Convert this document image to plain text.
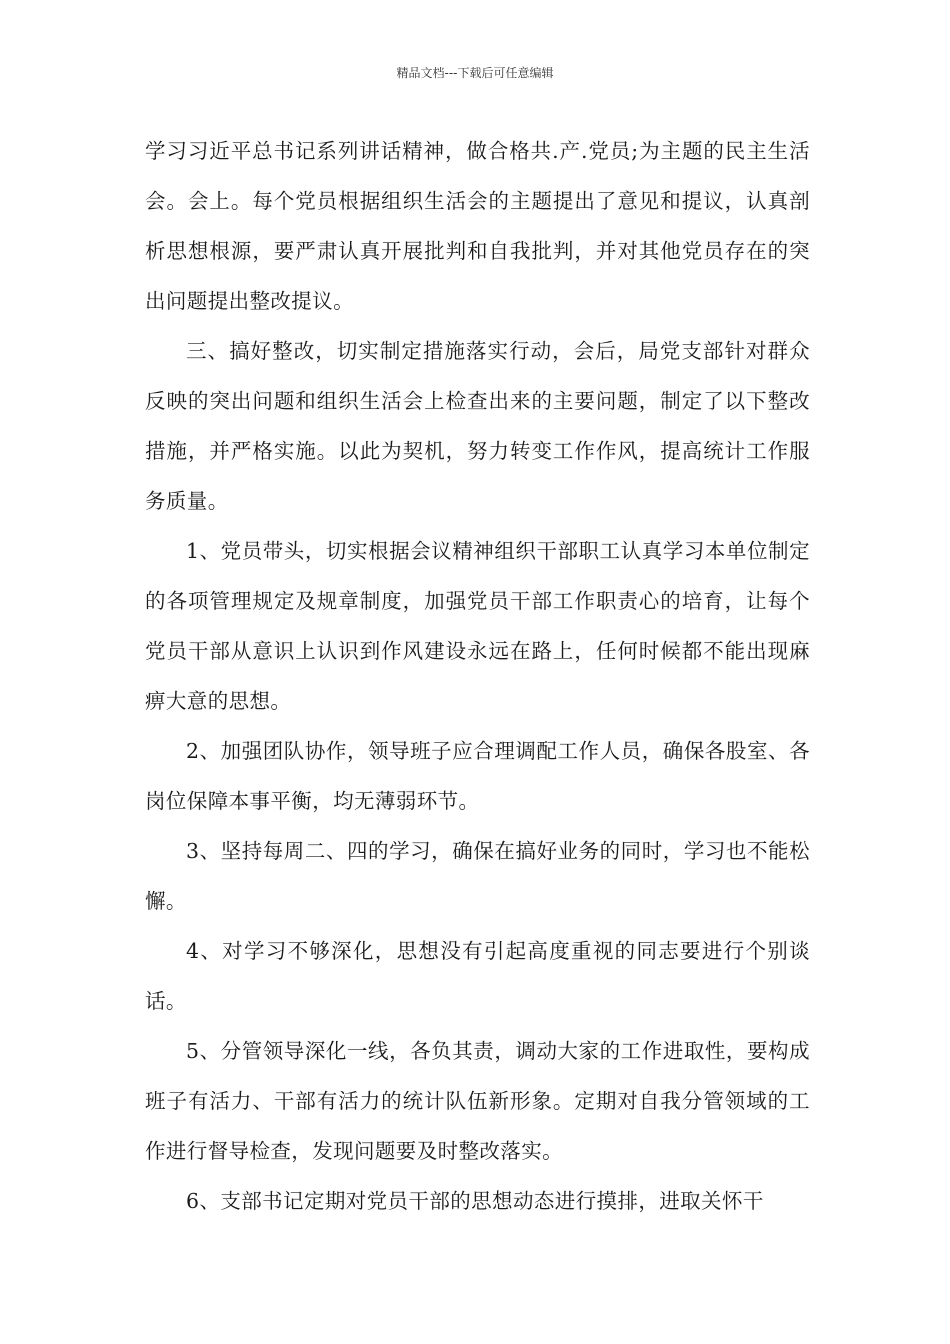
精品文档---下载后可任意编辑

学习习近平总书记系列讲话精神，做合格共.产.党员;为主题的民主生活会。会上。每个党员根据组织生活会的主题提出了意见和提议，认真剖析思想根源，要严肃认真开展批判和自我批判，并对其他党员存在的突出问题提出整改提议。

三、搞好整改，切实制定措施落实行动，会后，局党支部针对群众反映的突出问题和组织生活会上检查出来的主要问题，制定了以下整改措施，并严格实施。以此为契机，努力转变工作作风，提高统计工作服务质量。

1、党员带头，切实根据会议精神组织干部职工认真学习本单位制定的各项管理规定及规章制度，加强党员干部工作职责心的培育，让每个党员干部从意识上认识到作风建设永远在路上，任何时候都不能出现麻痹大意的思想。

2、加强团队协作，领导班子应合理调配工作人员，确保各股室、各岗位保障本事平衡，均无薄弱环节。

3、坚持每周二、四的学习，确保在搞好业务的同时，学习也不能松懈。

4、对学习不够深化，思想没有引起高度重视的同志要进行个别谈话。

5、分管领导深化一线，各负其责，调动大家的工作进取性，要构成班子有活力、干部有活力的统计队伍新形象。定期对自我分管领域的工作进行督导检查，发现问题要及时整改落实。

6、支部书记定期对党员干部的思想动态进行摸排，进取关怀干
